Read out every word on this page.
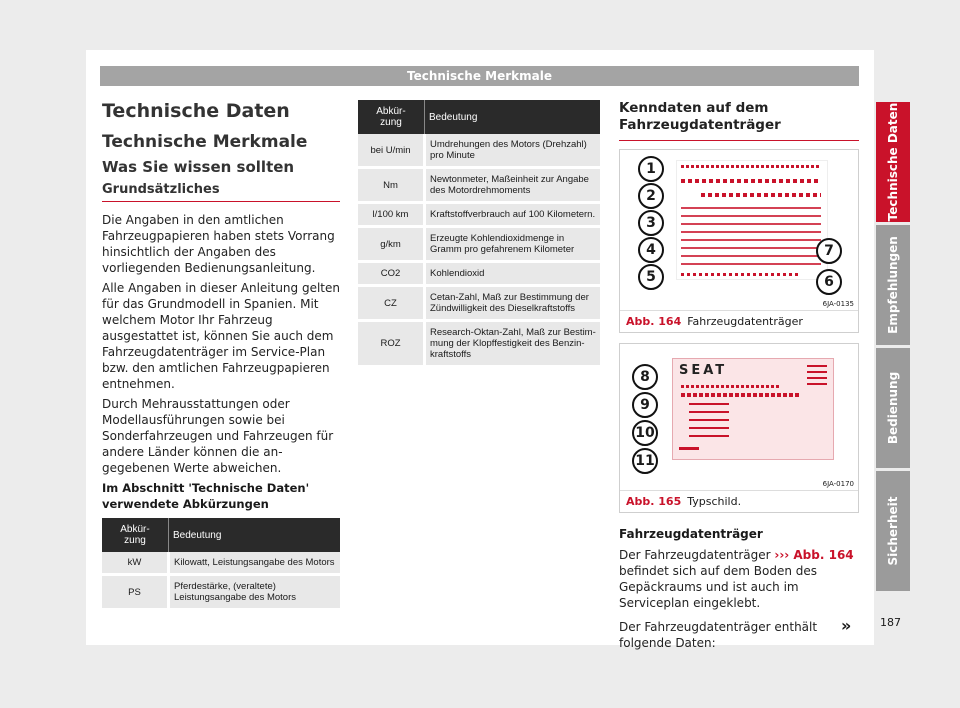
Technische Merkmale
Technische Daten
Technische Merkmale
Was Sie wissen sollten
Grundsätzliches

Die Angaben in den amtlichen Fahrzeugpapieren haben stets Vorrang hinsichtlich der Angaben des vorliegenden Bedienungsanleitung.

Alle Angaben in dieser Anleitung gelten für das Grundmodell in Spanien. Mit welchem Motor Ihr Fahrzeug ausgestattet ist, können Sie auch dem Fahrzeugdatenträger im Service-Plan bzw. den amtlichen Fahrzeugpapieren entnehmen.

Durch Mehrausstattungen oder Modellausführungen sowie bei Sonderfahrzeugen und Fahrzeugen für andere Länder können die angegebenen Werte abweichen.

Im Abschnitt 'Technische Daten' verwendete Abkürzungen

Abkür-
zung	Bedeutung
kW	Kilowatt, Leistungsangabe des Motors
PS	Pferdestärke, (veraltete) Leistungsangabe des Motors
Abkür-
zung	Bedeutung
bei U/min	Umdrehungen des Motors (Drehzahl) pro Minute
Nm	Newtonmeter, Maßeinheit zur Angabe des Motordrehmoments
l/100 km	Kraftstoffverbrauch auf 100 Kilometern.
g/km	Erzeugte Kohlendioxidmenge in Gramm pro gefahrenem Kilometer
CO2	Kohlendioxid
CZ	Cetan-Zahl, Maß zur Bestimmung der Zündwilligkeit des Dieselkraftstoffs
ROZ	Research-Oktan-Zahl, Maß zur Bestimmung der Klopffestigkeit des Benzinkraftstoffs
Kenndaten auf dem Fahrzeugdatenträger
1
2
3
4
5	6
7
6JA-0135
Abb. 164 Fahrzeugdatenträger
SEAT
8
9
10
11
6JA-0170
Abb. 165 Typschild.
Fahrzeugdatenträger

Der Fahrzeugdatenträger ››› Abb. 164 befindet sich auf dem Boden des Gepäckraums und ist auch im Serviceplan eingeklebt.

Der Fahrzeugdatenträger enthält folgende Daten:

»
Technische Daten
Empfehlungen
Bedienung
Sicherheit
187
